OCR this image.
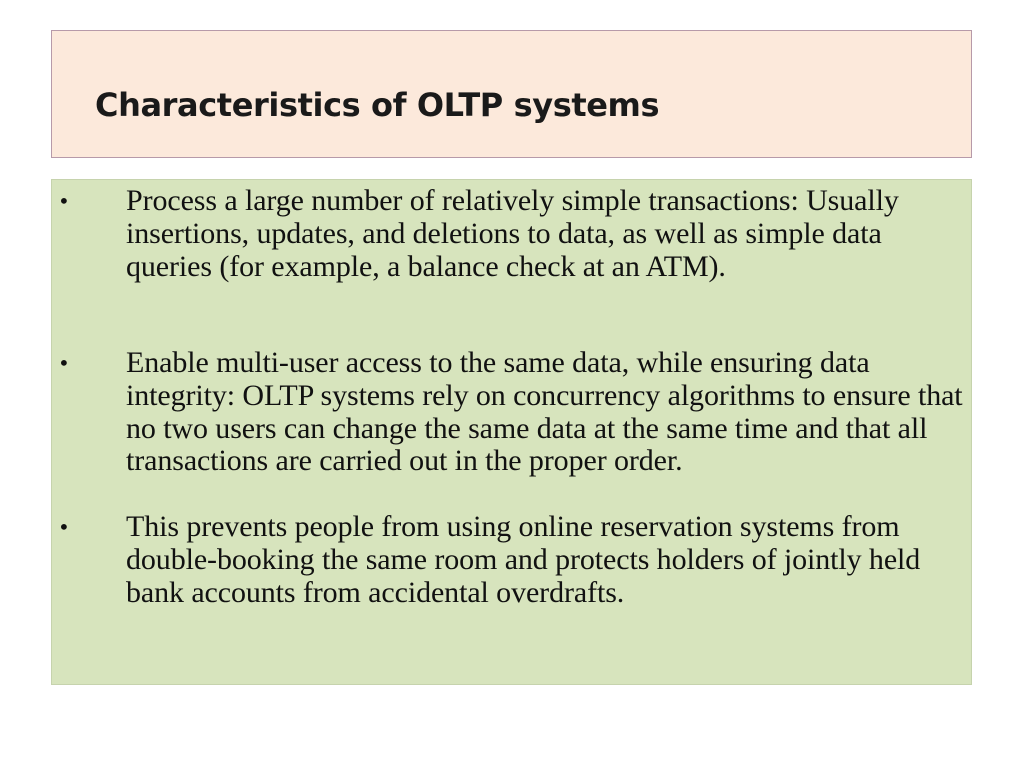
Characteristics of OLTP systems
• Process a large number of relatively simple transactions: Usually insertions, updates, and deletions to data, as well as simple data queries (for example, a balance check at an ATM).

• Enable multi-user access to the same data, while ensuring data integrity: OLTP systems rely on concurrency algorithms to ensure that no two users can change the same data at the same time and that all transactions are carried out in the proper order.

• This prevents people from using online reservation systems from double-booking the same room and protects holders of jointly held bank accounts from accidental overdrafts.
